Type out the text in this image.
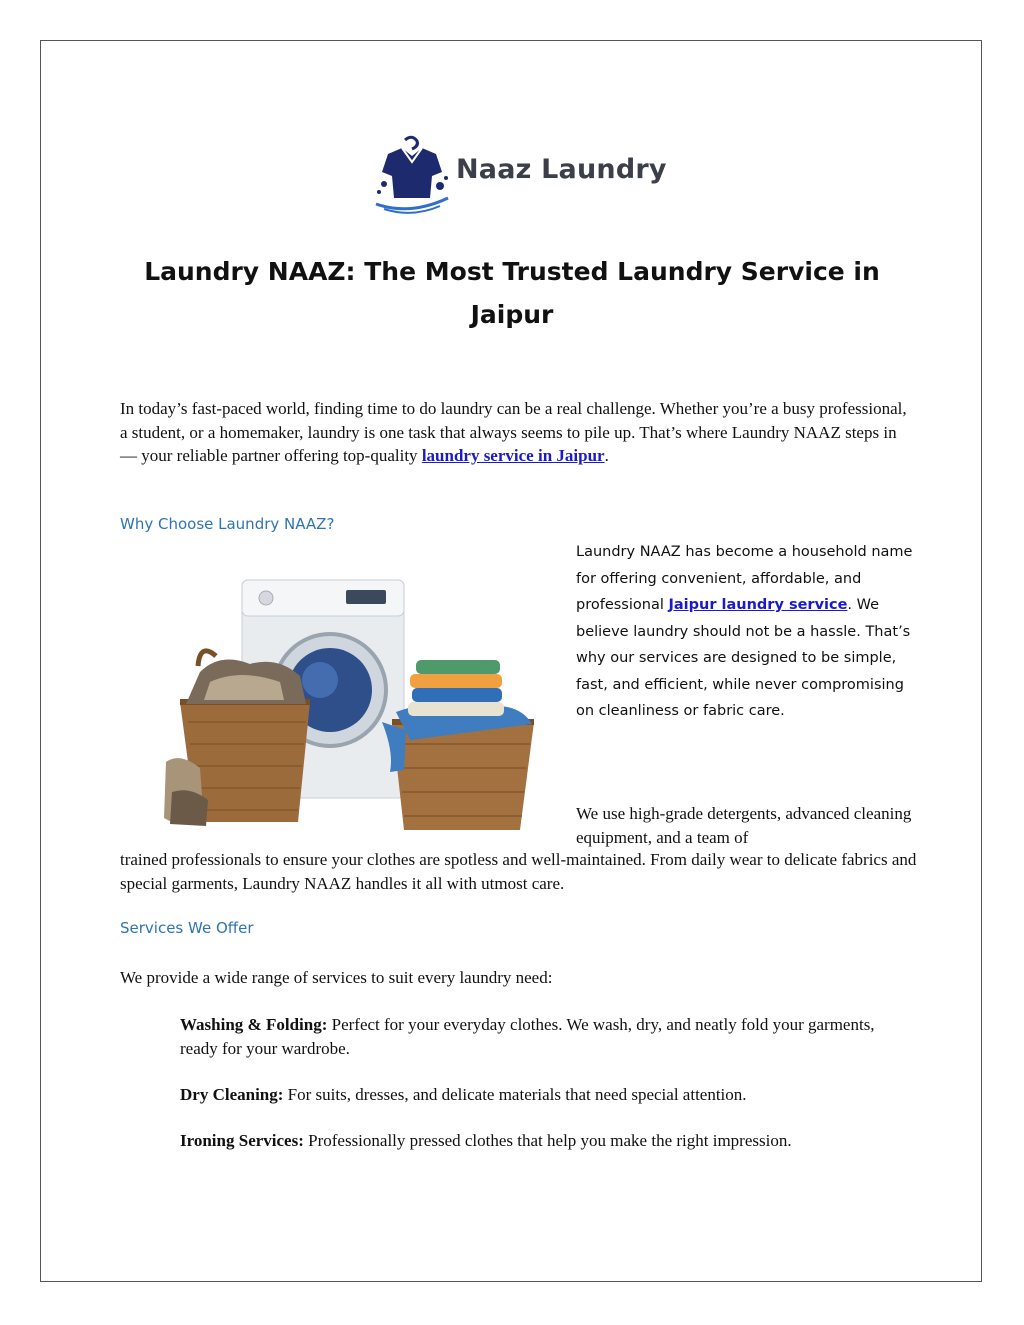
Naaz Laundry
Laundry NAAZ: The Most Trusted Laundry Service in Jaipur
In today’s fast-paced world, finding time to do laundry can be a real challenge. Whether you’re a busy professional, a student, or a homemaker, laundry is one task that always seems to pile up. That’s where Laundry NAAZ steps in — your reliable partner offering top-quality laundry service in Jaipur.
Why Choose Laundry NAAZ?
Laundry NAAZ has become a household name for offering convenient, affordable, and professional Jaipur laundry service. We believe laundry should not be a hassle. That’s why our services are designed to be simple, fast, and efficient, while never compromising on cleanliness or fabric care.
We use high-grade detergents, advanced cleaning equipment, and a team of
trained professionals to ensure your clothes are spotless and well-maintained. From daily wear to delicate fabrics and special garments, Laundry NAAZ handles it all with utmost care.
Services We Offer
We provide a wide range of services to suit every laundry need:
Washing & Folding: Perfect for your everyday clothes. We wash, dry, and neatly fold your garments, ready for your wardrobe.
Dry Cleaning: For suits, dresses, and delicate materials that need special attention.
Ironing Services: Professionally pressed clothes that help you make the right impression.
